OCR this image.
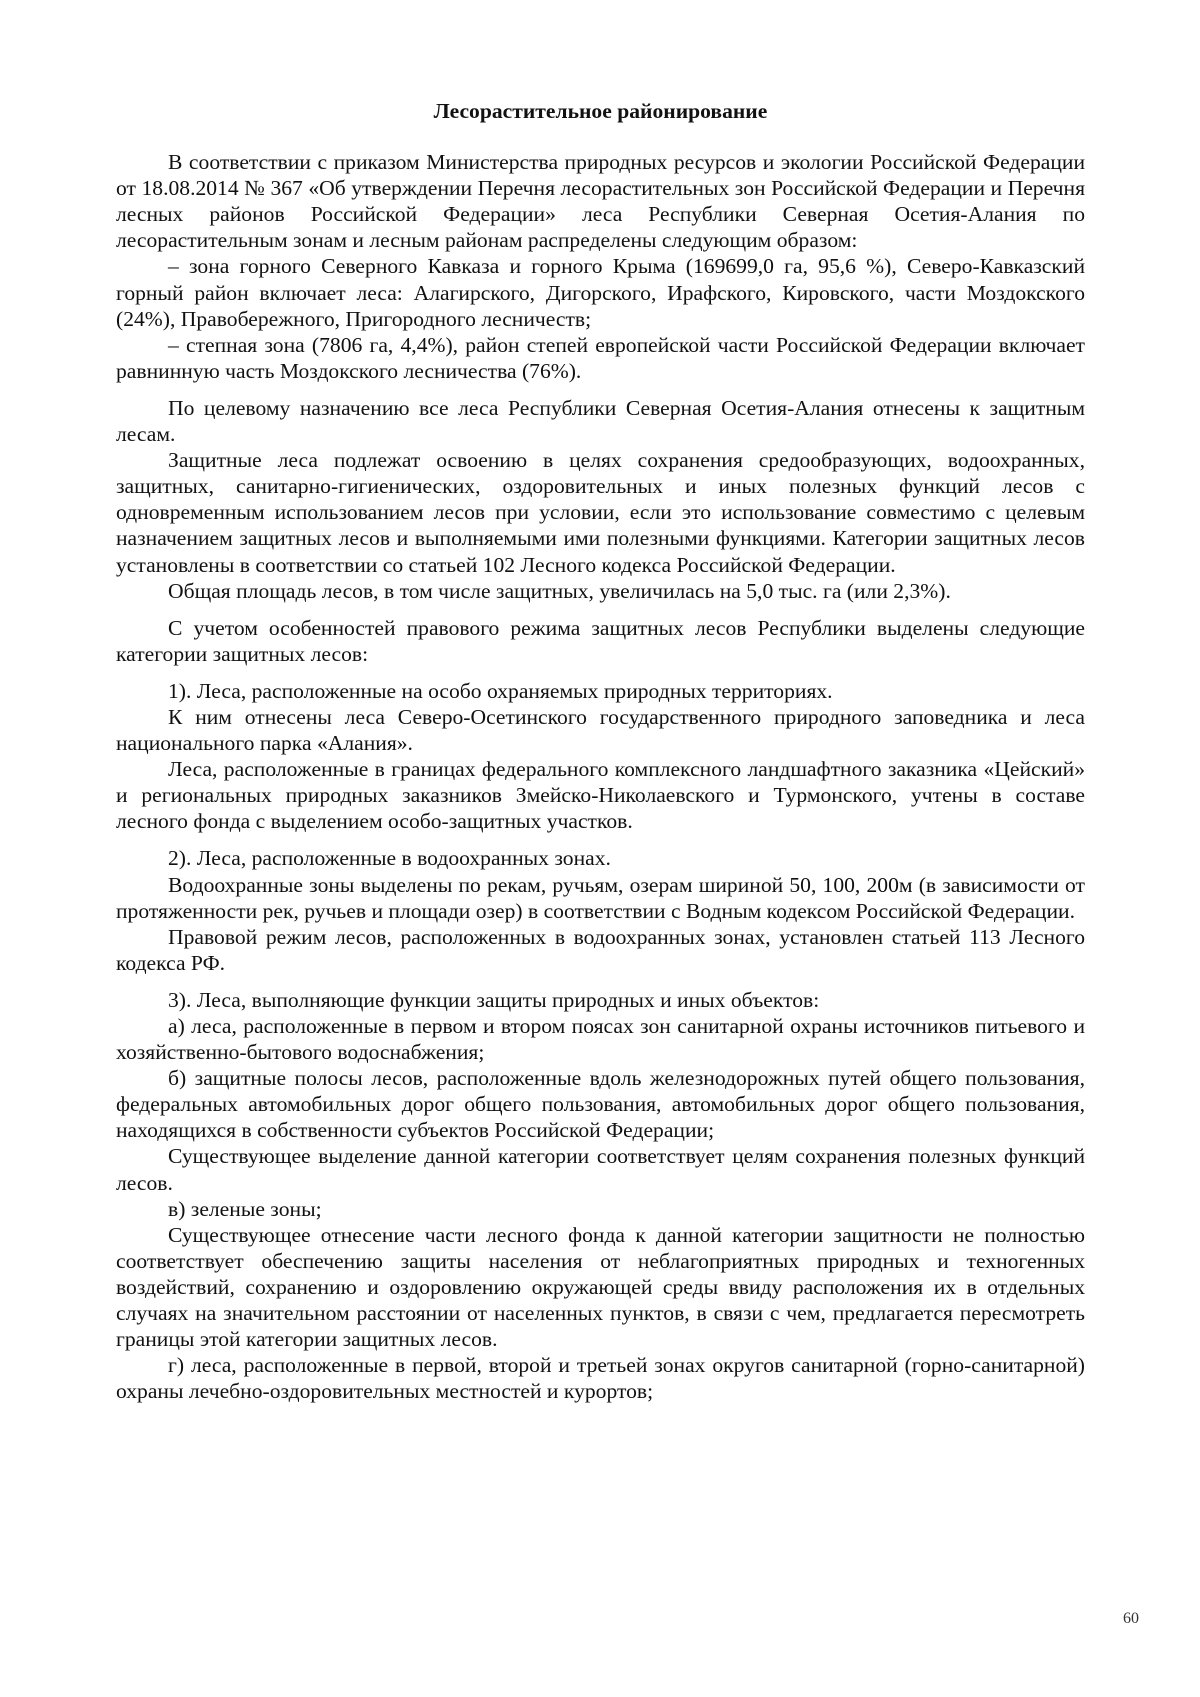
Лесорастительное районирование

В соответствии с приказом Министерства природных ресурсов и экологии Российской Федерации от 18.08.2014 № 367 «Об утверждении Перечня лесорастительных зон Российской Федерации и Перечня лесных районов Российской Федерации» леса Республики Северная Осетия-Алания по лесорастительным зонам и лесным районам распределены следующим образом:

– зона горного Северного Кавказа и горного Крыма (169699,0 га, 95,6 %), Северо-Кавказский горный район включает леса: Алагирского, Дигорского, Ирафского, Кировского, части Моздокского (24%), Правобережного, Пригородного лесничеств;

– степная зона (7806 га, 4,4%), район степей европейской части Российской Федерации включает равнинную часть Моздокского лесничества (76%).

По целевому назначению все леса Республики Северная Осетия-Алания отнесены к защитным лесам.

Защитные леса подлежат освоению в целях сохранения средообразующих, водоохранных, защитных, санитарно-гигиенических, оздоровительных и иных полезных функций лесов с одновременным использованием лесов при условии, если это использование совместимо с целевым назначением защитных лесов и выполняемыми ими полезными функциями. Категории защитных лесов установлены в соответствии со статьей 102 Лесного кодекса Российской Федерации.

Общая площадь лесов, в том числе защитных, увеличилась на 5,0 тыс. га (или 2,3%).

С учетом особенностей правового режима защитных лесов Республики выделены следующие категории защитных лесов:

1). Леса, расположенные на особо охраняемых природных территориях.

К ним отнесены леса Северо-Осетинского государственного природного заповедника и леса национального парка «Алания».

Леса, расположенные в границах федерального комплексного ландшафтного заказника «Цейский» и региональных природных заказников Змейско-Николаевского и Турмонского, учтены в составе лесного фонда с выделением особо-защитных участков.

2). Леса, расположенные в водоохранных зонах.

Водоохранные зоны выделены по рекам, ручьям, озерам шириной 50, 100, 200м (в зависимости от протяженности рек, ручьев и площади озер) в соответствии с Водным кодексом Российской Федерации.

Правовой режим лесов, расположенных в водоохранных зонах, установлен статьей 113 Лесного кодекса РФ.

3). Леса, выполняющие функции защиты природных и иных объектов:

а) леса, расположенные в первом и втором поясах зон санитарной охраны источников питьевого и хозяйственно-бытового водоснабжения;

б) защитные полосы лесов, расположенные вдоль железнодорожных путей общего пользования, федеральных автомобильных дорог общего пользования, автомобильных дорог общего пользования, находящихся в собственности субъектов Российской Федерации;

Существующее выделение данной категории соответствует целям сохранения полезных функций лесов.

в) зеленые зоны;

Существующее отнесение части лесного фонда к данной категории защитности не полностью соответствует обеспечению защиты населения от неблагоприятных природных и техногенных воздействий, сохранению и оздоровлению окружающей среды ввиду расположения их в отдельных случаях на значительном расстоянии от населенных пунктов, в связи с чем, предлагается пересмотреть границы этой категории защитных лесов.

г) леса, расположенные в первой, второй и третьей зонах округов санитарной (горно-санитарной) охраны лечебно-оздоровительных местностей и курортов;

60
